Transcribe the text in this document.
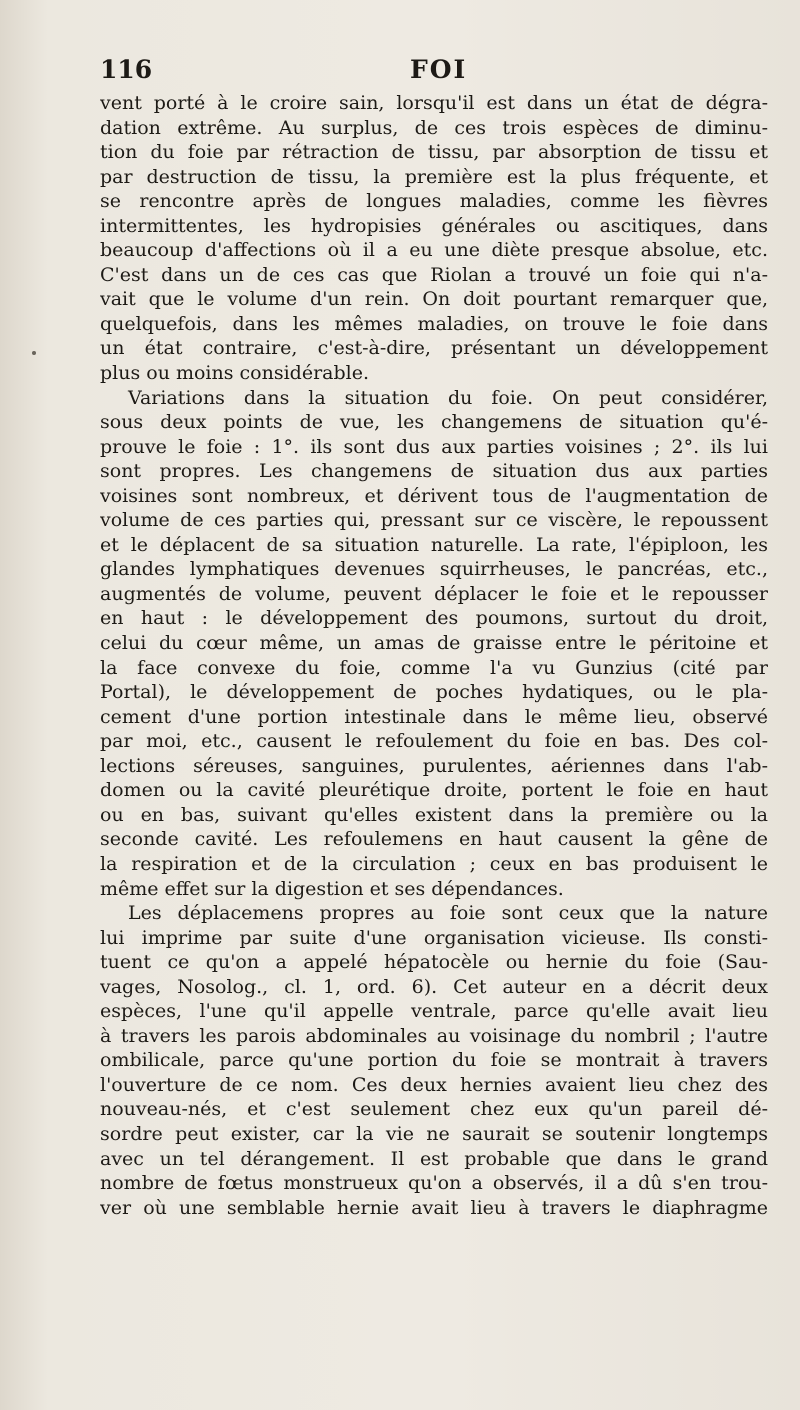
116	FOI
vent porté à le croire sain, lorsqu'il est dans un état de dégra-
dation extrême. Au surplus, de ces trois espèces de diminu-
tion du foie par rétraction de tissu, par absorption de tissu et
par destruction de tissu, la première est la plus fréquente, et
se rencontre après de longues maladies, comme les fièvres
intermittentes, les hydropisies générales ou ascitiques, dans
beaucoup d'affections où il a eu une diète presque absolue, etc.
C'est dans un de ces cas que Riolan a trouvé un foie qui n'a-
vait que le volume d'un rein. On doit pourtant remarquer que,
quelquefois, dans les mêmes maladies, on trouve le foie dans
un état contraire, c'est-à-dire, présentant un développement
plus ou moins considérable.
Variations dans la situation du foie. On peut considérer,
sous deux points de vue, les changemens de situation qu'é-
prouve le foie : 1°. ils sont dus aux parties voisines ; 2°. ils lui
sont propres. Les changemens de situation dus aux parties
voisines sont nombreux, et dérivent tous de l'augmentation de
volume de ces parties qui, pressant sur ce viscère, le repoussent
et le déplacent de sa situation naturelle. La rate, l'épiploon, les
glandes lymphatiques devenues squirrheuses, le pancréas, etc.,
augmentés de volume, peuvent déplacer le foie et le repousser
en haut : le développement des poumons, surtout du droit,
celui du cœur même, un amas de graisse entre le péritoine et
la face convexe du foie, comme l'a vu Gunzius (cité par
Portal), le développement de poches hydatiques, ou le pla-
cement d'une portion intestinale dans le même lieu, observé
par moi, etc., causent le refoulement du foie en bas. Des col-
lections séreuses, sanguines, purulentes, aériennes dans l'ab-
domen ou la cavité pleurétique droite, portent le foie en haut
ou en bas, suivant qu'elles existent dans la première ou la
seconde cavité. Les refoulemens en haut causent la gêne de
la respiration et de la circulation ; ceux en bas produisent le
même effet sur la digestion et ses dépendances.
Les déplacemens propres au foie sont ceux que la nature
lui imprime par suite d'une organisation vicieuse. Ils consti-
tuent ce qu'on a appelé hépatocèle ou hernie du foie (Sau-
vages, Nosolog., cl. 1, ord. 6). Cet auteur en a décrit deux
espèces, l'une qu'il appelle ventrale, parce qu'elle avait lieu
à travers les parois abdominales au voisinage du nombril ; l'autre
ombilicale, parce qu'une portion du foie se montrait à travers
l'ouverture de ce nom. Ces deux hernies avaient lieu chez des
nouveau-nés, et c'est seulement chez eux qu'un pareil dé-
sordre peut exister, car la vie ne saurait se soutenir longtemps
avec un tel dérangement. Il est probable que dans le grand
nombre de fœtus monstrueux qu'on a observés, il a dû s'en trou-
ver où une semblable hernie avait lieu à travers le diaphragme
